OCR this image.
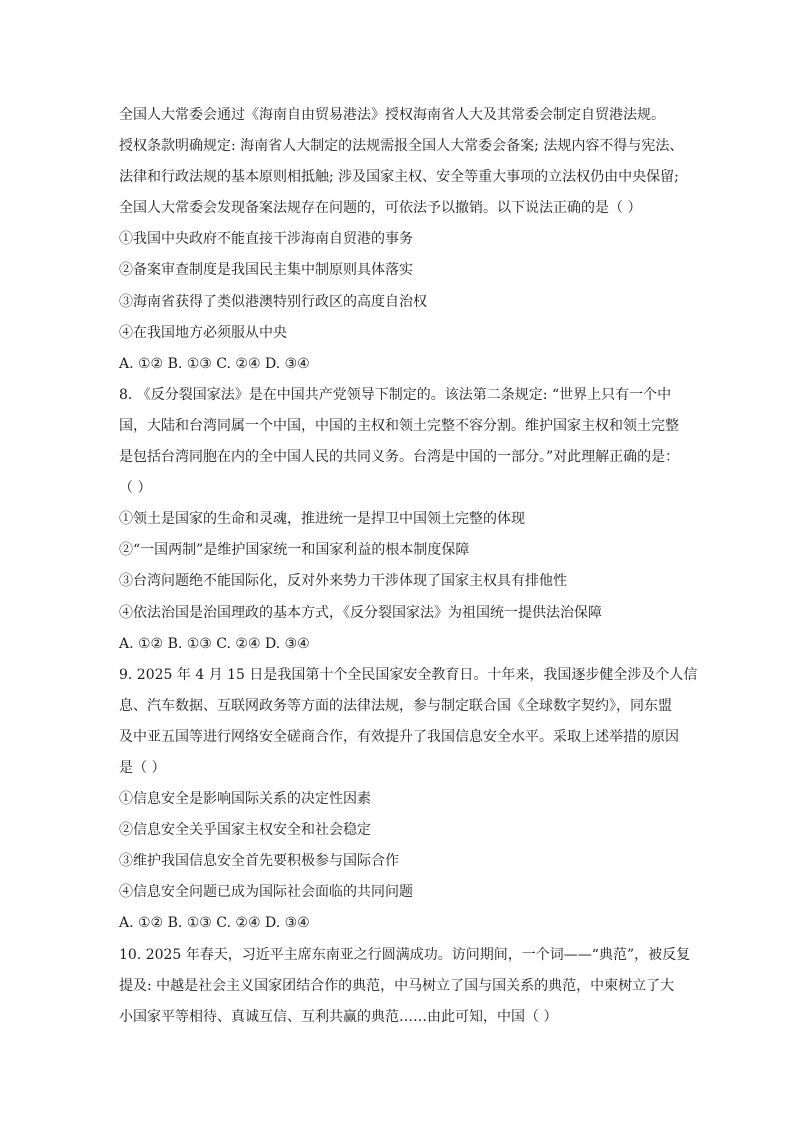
全国人大常委会通过《海南自由贸易港法》授权海南省人大及其常委会制定自贸港法规。
授权条款明确规定: 海南省人大制定的法规需报全国人大常委会备案; 法规内容不得与宪法、
法律和行政法规的基本原则相抵触; 涉及国家主权、安全等重大事项的立法权仍由中央保留;
全国人大常委会发现备案法规存在问题的，可依法予以撤销。以下说法正确的是（ ）
①我国中央政府不能直接干涉海南自贸港的事务
②备案审查制度是我国民主集中制原则具体落实
③海南省获得了类似港澳特别行政区的高度自治权
④在我国地方必须服从中央
A. ①② B. ①③ C. ②④ D. ③④
8. 《反分裂国家法》是在中国共产党领导下制定的。该法第二条规定: “世界上只有一个中
国，大陆和台湾同属一个中国，中国的主权和领土完整不容分割。维护国家主权和领土完整
是包括台湾同胞在内的全中国人民的共同义务。台湾是中国的一部分。”对此理解正确的是：
（ ）
①领土是国家的生命和灵魂，推进统一是捍卫中国领土完整的体现
②“一国两制”是维护国家统一和国家利益的根本制度保障
③台湾问题绝不能国际化，反对外来势力干涉体现了国家主权具有排他性
④依法治国是治国理政的基本方式，《反分裂国家法》为祖国统一提供法治保障
A. ①② B. ①③ C. ②④ D. ③④
9. 2025 年 4 月 15 日是我国第十个全民国家安全教育日。十年来，我国逐步健全涉及个人信
息、汽车数据、互联网政务等方面的法律法规，参与制定联合国《全球数字契约》，同东盟
及中亚五国等进行网络安全磋商合作，有效提升了我国信息安全水平。采取上述举措的原因
是（ ）
①信息安全是影响国际关系的决定性因素
②信息安全关乎国家主权安全和社会稳定
③维护我国信息安全首先要积极参与国际合作
④信息安全问题已成为国际社会面临的共同问题
A. ①② B. ①③ C. ②④ D. ③④
10. 2025 年春天，习近平主席东南亚之行圆满成功。访问期间，一个词——“典范”，被反复
提及: 中越是社会主义国家团结合作的典范，中马树立了国与国关系的典范，中柬树立了大
小国家平等相待、真诚互信、互利共赢的典范……由此可知，中国（ ）
